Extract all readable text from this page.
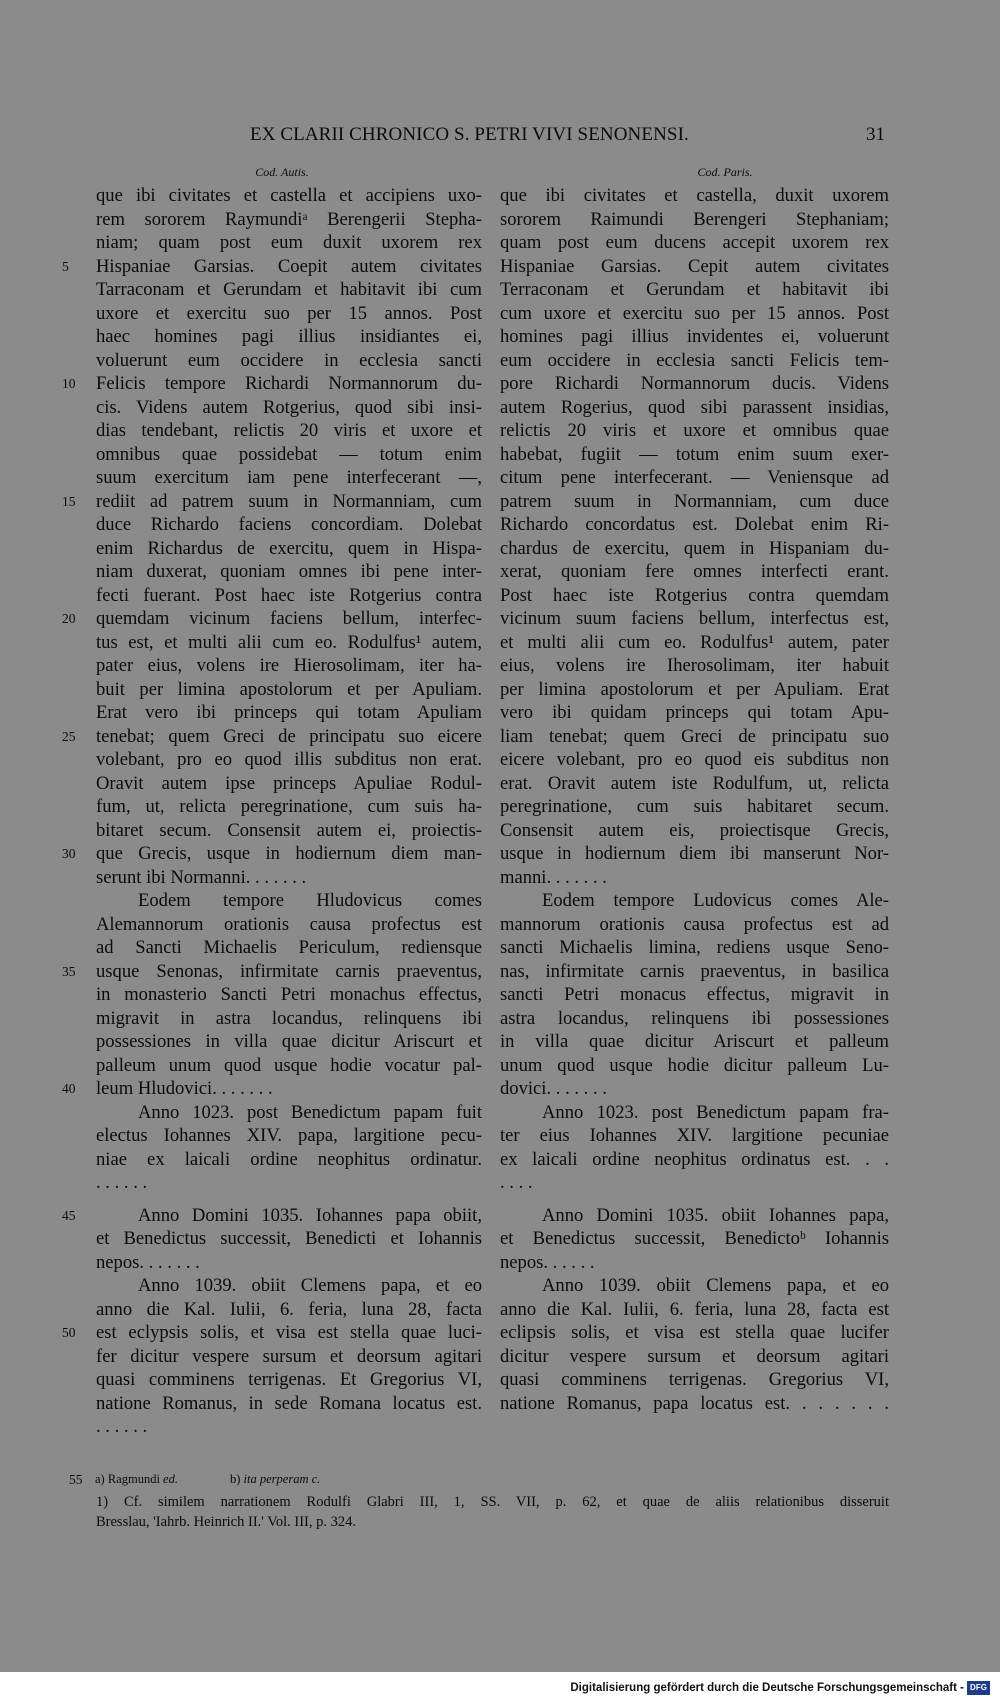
EX CLARII CHRONICO S. PETRI VIVI SENONENSI.	31
Cod. Autis.	Cod. Paris.
5
10
15
20
25
30
35
40
45
50
que ibi civitates et castella et accipiens uxo-
rem sororem Raymundiᵃ Berengerii Stepha-
niam; quam post eum duxit uxorem rex
Hispaniae Garsias. Coepit autem civitates
Tarraconam et Gerundam et habitavit ibi cum
uxore et exercitu suo per 15 annos. Post
haec homines pagi illius insidiantes ei,
voluerunt eum occidere in ecclesia sancti
Felicis tempore Richardi Normannorum du-
cis. Videns autem Rotgerius, quod sibi insi-
dias tendebant, relictis 20 viris et uxore et
omnibus quae possidebat — totum enim
suum exercitum iam pene interfecerant —,
rediit ad patrem suum in Normanniam, cum
duce Richardo faciens concordiam. Dolebat
enim Richardus de exercitu, quem in Hispa-
niam duxerat, quoniam omnes ibi pene inter-
fecti fuerant. Post haec iste Rotgerius contra
quemdam vicinum faciens bellum, interfec-
tus est, et multi alii cum eo. Rodulfus¹ autem,
pater eius, volens ire Hierosolimam, iter ha-
buit per limina apostolorum et per Apuliam.
Erat vero ibi princeps qui totam Apuliam
tenebat; quem Greci de principatu suo eicere
volebant, pro eo quod illis subditus non erat.
Oravit autem ipse princeps Apuliae Rodul-
fum, ut, relicta peregrinatione, cum suis ha-
bitaret secum. Consensit autem ei, proiectis-
que Grecis, usque in hodiernum diem man-
serunt ibi Normanni. . . . . . .
Eodem tempore Hludovicus comes
Alemannorum orationis causa profectus est
ad Sancti Michaelis Periculum, rediensque
usque Senonas, infirmitate carnis praeventus,
in monasterio Sancti Petri monachus effectus,
migravit in astra locandus, relinquens ibi
possessiones in villa quae dicitur Ariscurt et
palleum unum quod usque hodie vocatur pal-
leum Hludovici. . . . . . .
Anno 1023. post Benedictum papam fuit
electus Iohannes XIV. papa, largitione pecu-
niae ex laicali ordine neophitus ordinatur.
. . . . . .
Anno Domini 1035. Iohannes papa obiit,
et Benedictus successit, Benedicti et Iohannis
nepos. . . . . . .
Anno 1039. obiit Clemens papa, et eo
anno die Kal. Iulii, 6. feria, luna 28, facta
est eclypsis solis, et visa est stella quae luci-
fer dicitur vespere sursum et deorsum agitari
quasi comminens terrigenas. Et Gregorius VI,
natione Romanus, in sede Romana locatus est.
. . . . . .
que ibi civitates et castella, duxit uxorem
sororem Raimundi Berengeri Stephaniam;
quam post eum ducens accepit uxorem rex
Hispaniae Garsias. Cepit autem civitates
Terraconam et Gerundam et habitavit ibi
cum uxore et exercitu suo per 15 annos. Post
homines pagi illius invidentes ei, voluerunt
eum occidere in ecclesia sancti Felicis tem-
pore Richardi Normannorum ducis. Videns
autem Rogerius, quod sibi parassent insidias,
relictis 20 viris et uxore et omnibus quae
habebat, fugiit — totum enim suum exer-
citum pene interfecerant. — Veniensque ad
patrem suum in Normanniam, cum duce
Richardo concordatus est. Dolebat enim Ri-
chardus de exercitu, quem in Hispaniam du-
xerat, quoniam fere omnes interfecti erant.
Post haec iste Rotgerius contra quemdam
vicinum suum faciens bellum, interfectus est,
et multi alii cum eo. Rodulfus¹ autem, pater
eius, volens ire Iherosolimam, iter habuit
per limina apostolorum et per Apuliam. Erat
vero ibi quidam princeps qui totam Apu-
liam tenebat; quem Greci de principatu suo
eicere volebant, pro eo quod eis subditus non
erat. Oravit autem iste Rodulfum, ut, relicta
peregrinatione, cum suis habitaret secum.
Consensit autem eis, proiectisque Grecis,
usque in hodiernum diem ibi manserunt Nor-
manni. . . . . . .
Eodem tempore Ludovicus comes Ale-
mannorum orationis causa profectus est ad
sancti Michaelis limina, rediens usque Seno-
nas, infirmitate carnis praeventus, in basilica
sancti Petri monacus effectus, migravit in
astra locandus, relinquens ibi possessiones
in villa quae dicitur Ariscurt et palleum
unum quod usque hodie dicitur palleum Lu-
dovici. . . . . . .
Anno 1023. post Benedictum papam fra-
ter eius Iohannes XIV. largitione pecuniae
ex laicali ordine neophitus ordinatus est. . .
. . . .
Anno Domini 1035. obiit Iohannes papa,
et Benedictus successit, Benedictoᵇ Iohannis
nepos. . . . . .
Anno 1039. obiit Clemens papa, et eo
anno die Kal. Iulii, 6. feria, luna 28, facta est
eclipsis solis, et visa est stella quae lucifer
dicitur vespere sursum et deorsum agitari
quasi comminens terrigenas. Gregorius VI,
natione Romanus, papa locatus est. . . . . . .
55 a) Ragmundi ed.	b) ita perperam c.
1) Cf. similem narrationem Rodulfi Glabri III, 1, SS. VII, p. 62, et quae de aliis relationibus disseruit
Bresslau, 'Iahrb. Heinrich II.' Vol. III, p. 324.
Digitalisierung gefördert durch die Deutsche Forschungsgemeinschaft - DFG
